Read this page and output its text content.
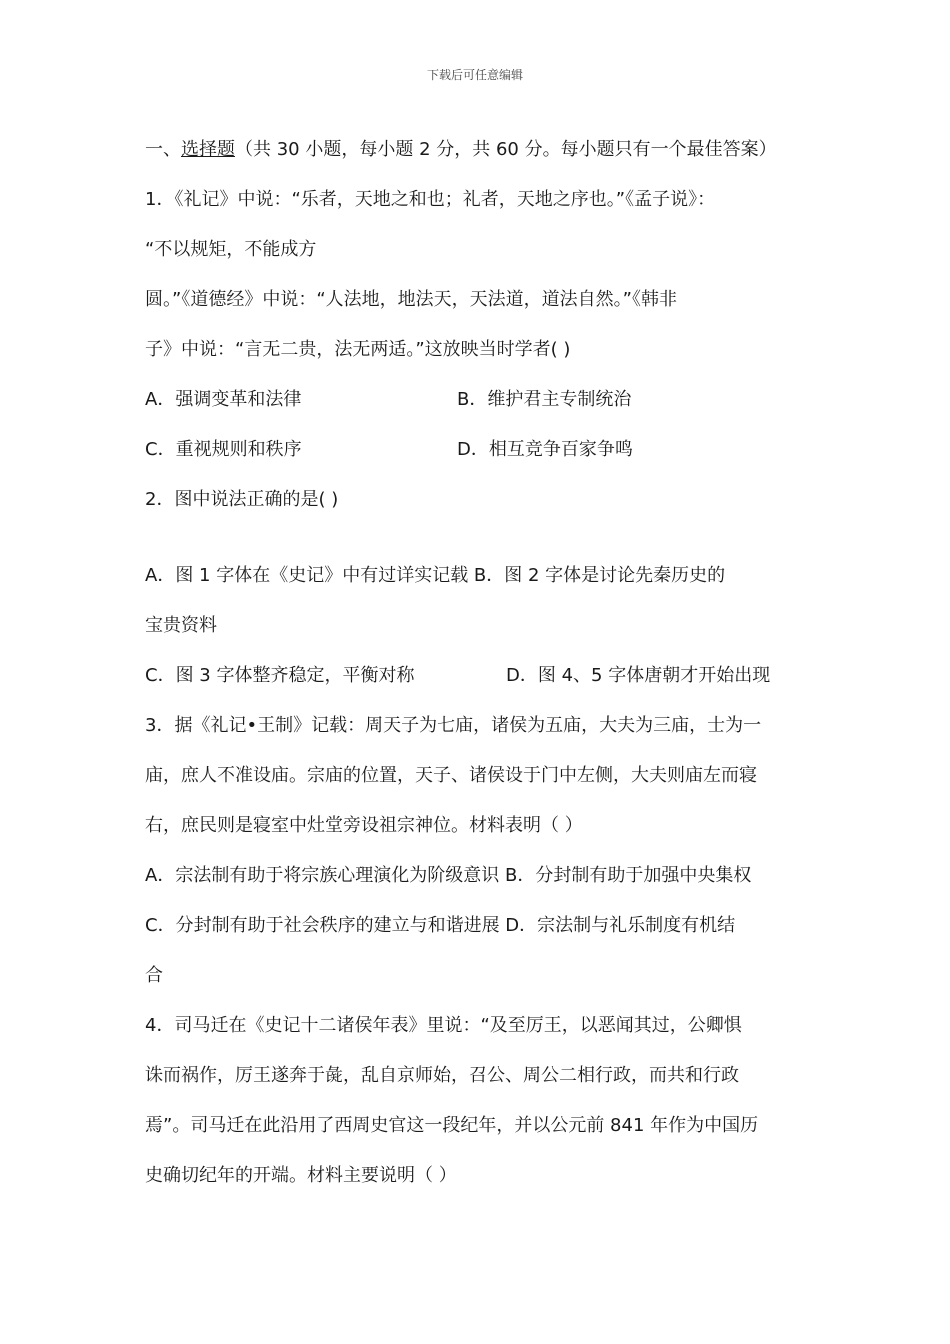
下载后可任意编辑
一、选择题（共 30 小题，每小题 2 分，共 60 分。每小题只有一个最佳答案）
1．《礼记》中说：“乐者，天地之和也；礼者，天地之序也。”《孟子说》：
“不以规矩，不能成方
圆。”《道德经》中说：“人法地，地法天，天法道，道法自然。”《韩非
子》中说：“言无二贵，法无两适。”这放映当时学者( )
A．强调变革和法律	B．维护君主专制统治
C．重视规则和秩序	D．相互竞争百家争鸣
2．图中说法正确的是( )
A．图 1 字体在《史记》中有过详实记载 B．图 2 字体是讨论先秦历史的
宝贵资料
C．图 3 字体整齐稳定，平衡对称	D．图 4、5 字体唐朝才开始出现
3．据《礼记•王制》记载：周天子为七庙，诸侯为五庙，大夫为三庙，士为一
庙，庶人不准设庙。宗庙的位置，天子、诸侯设于门中左侧，大夫则庙左而寝
右，庶民则是寝室中灶堂旁设祖宗神位。材料表明（ ）
A．宗法制有助于将宗族心理演化为阶级意识 B．分封制有助于加强中央集权
C．分封制有助于社会秩序的建立与和谐进展 D．宗法制与礼乐制度有机结
合
4．司马迁在《史记十二诸侯年表》里说：“及至厉王，以恶闻其过，公卿惧
诛而祸作，厉王遂奔于彘，乱自京师始，召公、周公二相行政，而共和行政
焉”。司马迁在此沿用了西周史官这一段纪年，并以公元前 841 年作为中国历
史确切纪年的开端。材料主要说明（ ）
